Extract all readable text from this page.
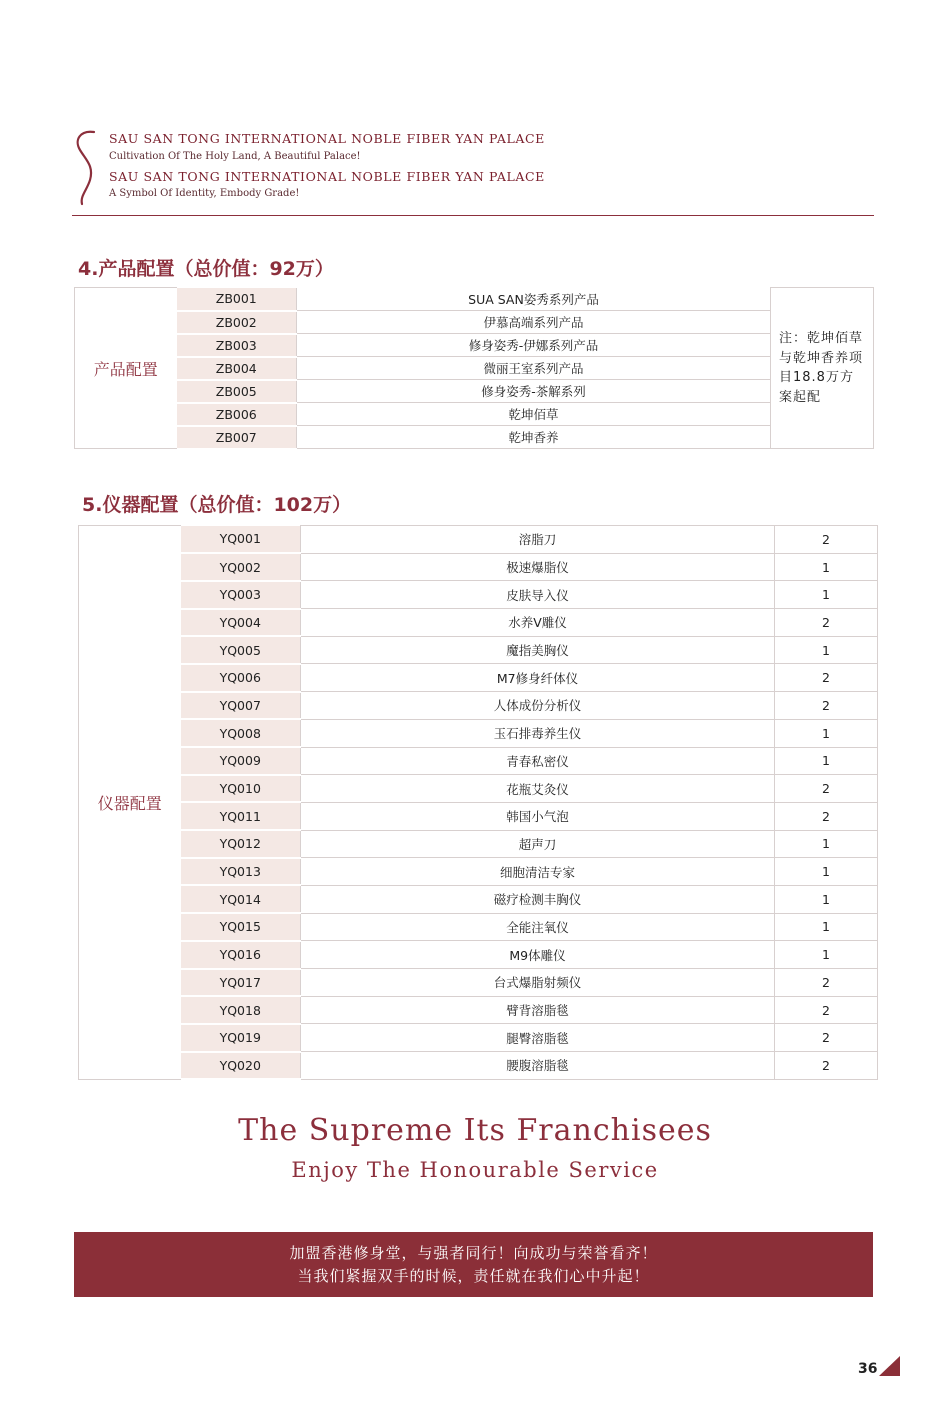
SAU SAN TONG INTERNATIONAL NOBLE FIBER YAN PALACE
Cultivation Of The Holy Land, A Beautiful Palace!
SAU SAN TONG INTERNATIONAL NOBLE FIBER YAN PALACE
A Symbol Of Identity, Embody Grade!
4.产品配置（总价值：92万）
产品配置	ZB001	SUA SAN姿秀系列产品	注：乾坤佰草与乾坤香养项目18.8万方案起配
	ZB002	伊慕高端系列产品	
	ZB003	修身姿秀-伊娜系列产品	
	ZB004	微丽王室系列产品	
	ZB005	修身姿秀-茶解系列	
	ZB006	乾坤佰草	
	ZB007	乾坤香养	
5.仪器配置（总价值：102万）
仪器配置	YQ001	溶脂刀	2
	YQ002	极速爆脂仪	1
	YQ003	皮肤导入仪	1
	YQ004	水养V雕仪	2
	YQ005	魔指美胸仪	1
	YQ006	M7修身纤体仪	2
	YQ007	人体成份分析仪	2
	YQ008	玉石排毒养生仪	1
	YQ009	青春私密仪	1
	YQ010	花瓶艾灸仪	2
	YQ011	韩国小气泡	2
	YQ012	超声刀	1
	YQ013	细胞清洁专家	1
	YQ014	磁疗检测丰胸仪	1
	YQ015	全能注氧仪	1
	YQ016	M9体雕仪	1
	YQ017	台式爆脂射频仪	2
	YQ018	臂背溶脂毯	2
	YQ019	腿臀溶脂毯	2
	YQ020	腰腹溶脂毯	2
The Supreme Its Franchisees
Enjoy The Honourable Service
加盟香港修身堂，与强者同行！向成功与荣誉看齐！
当我们紧握双手的时候，责任就在我们心中升起！
36
